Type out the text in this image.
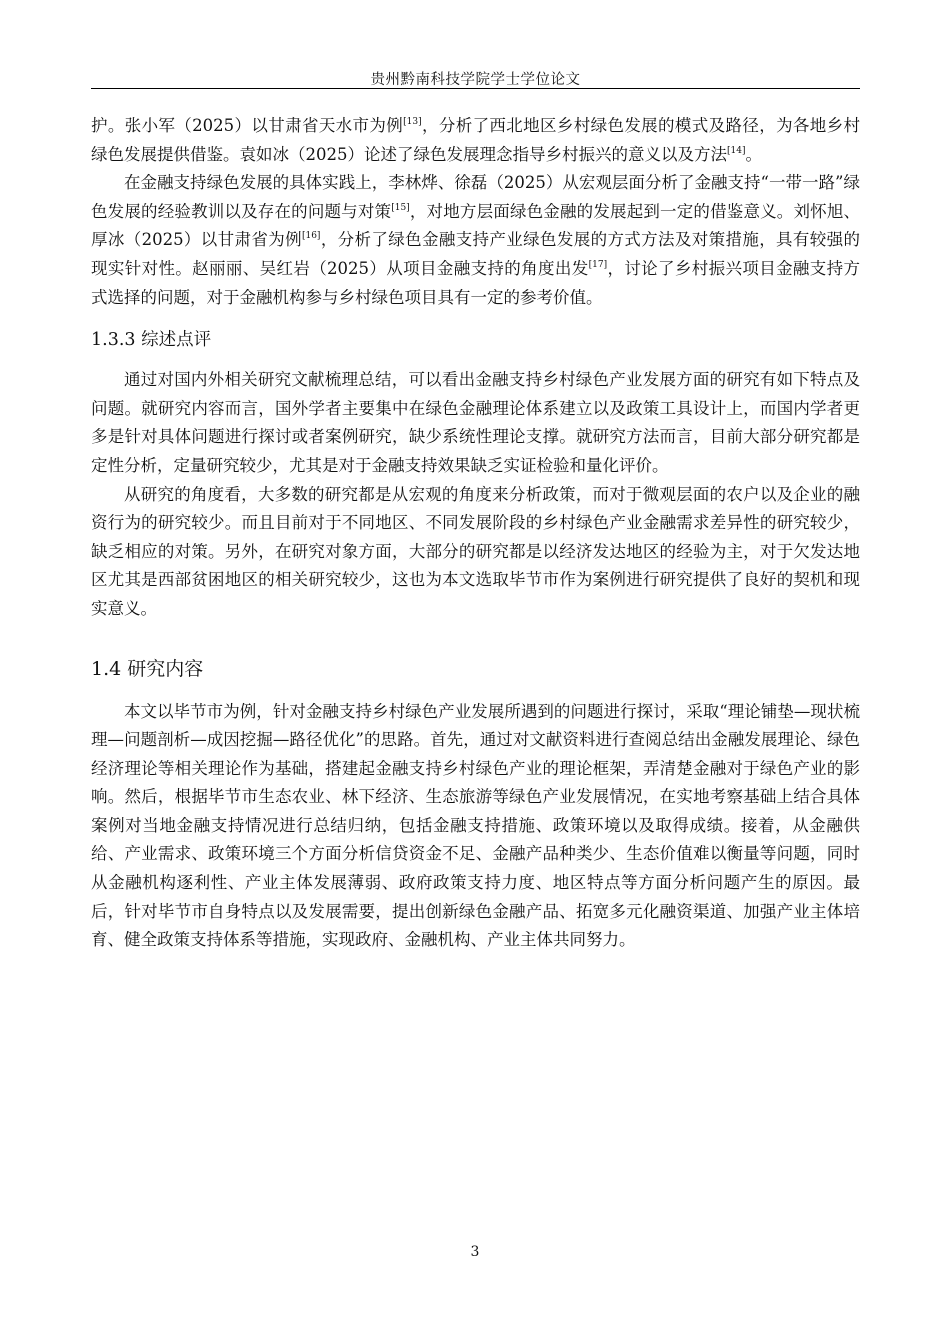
贵州黔南科技学院学士学位论文

护。张小军（2025）以甘肃省天水市为例[13]，分析了西北地区乡村绿色发展的模式及路径，为各地乡村绿色发展提供借鉴。袁如冰（2025）论述了绿色发展理念指导乡村振兴的意义以及方法[14]。

在金融支持绿色发展的具体实践上，李林烨、徐磊（2025）从宏观层面分析了金融支持“一带一路”绿色发展的经验教训以及存在的问题与对策[15]，对地方层面绿色金融的发展起到一定的借鉴意义。刘怀旭、厚冰（2025）以甘肃省为例[16]，分析了绿色金融支持产业绿色发展的方式方法及对策措施，具有较强的现实针对性。赵丽丽、吴红岩（2025）从项目金融支持的角度出发[17]，讨论了乡村振兴项目金融支持方式选择的问题，对于金融机构参与乡村绿色项目具有一定的参考价值。

1.3.3 综述点评

通过对国内外相关研究文献梳理总结，可以看出金融支持乡村绿色产业发展方面的研究有如下特点及问题。就研究内容而言，国外学者主要集中在绿色金融理论体系建立以及政策工具设计上，而国内学者更多是针对具体问题进行探讨或者案例研究，缺少系统性理论支撑。就研究方法而言，目前大部分研究都是定性分析，定量研究较少，尤其是对于金融支持效果缺乏实证检验和量化评价。

从研究的角度看，大多数的研究都是从宏观的角度来分析政策，而对于微观层面的农户以及企业的融资行为的研究较少。而且目前对于不同地区、不同发展阶段的乡村绿色产业金融需求差异性的研究较少，缺乏相应的对策。另外，在研究对象方面，大部分的研究都是以经济发达地区的经验为主，对于欠发达地区尤其是西部贫困地区的相关研究较少，这也为本文选取毕节市作为案例进行研究提供了良好的契机和现实意义。

1.4 研究内容

本文以毕节市为例，针对金融支持乡村绿色产业发展所遇到的问题进行探讨，采取“理论铺垫—现状梳理—问题剖析—成因挖掘—路径优化”的思路。首先，通过对文献资料进行查阅总结出金融发展理论、绿色经济理论等相关理论作为基础，搭建起金融支持乡村绿色产业的理论框架，弄清楚金融对于绿色产业的影响。然后，根据毕节市生态农业、林下经济、生态旅游等绿色产业发展情况，在实地考察基础上结合具体案例对当地金融支持情况进行总结归纳，包括金融支持措施、政策环境以及取得成绩。接着，从金融供给、产业需求、政策环境三个方面分析信贷资金不足、金融产品种类少、生态价值难以衡量等问题，同时从金融机构逐利性、产业主体发展薄弱、政府政策支持力度、地区特点等方面分析问题产生的原因。最后，针对毕节市自身特点以及发展需要，提出创新绿色金融产品、拓宽多元化融资渠道、加强产业主体培育、健全政策支持体系等措施，实现政府、金融机构、产业主体共同努力。

3
